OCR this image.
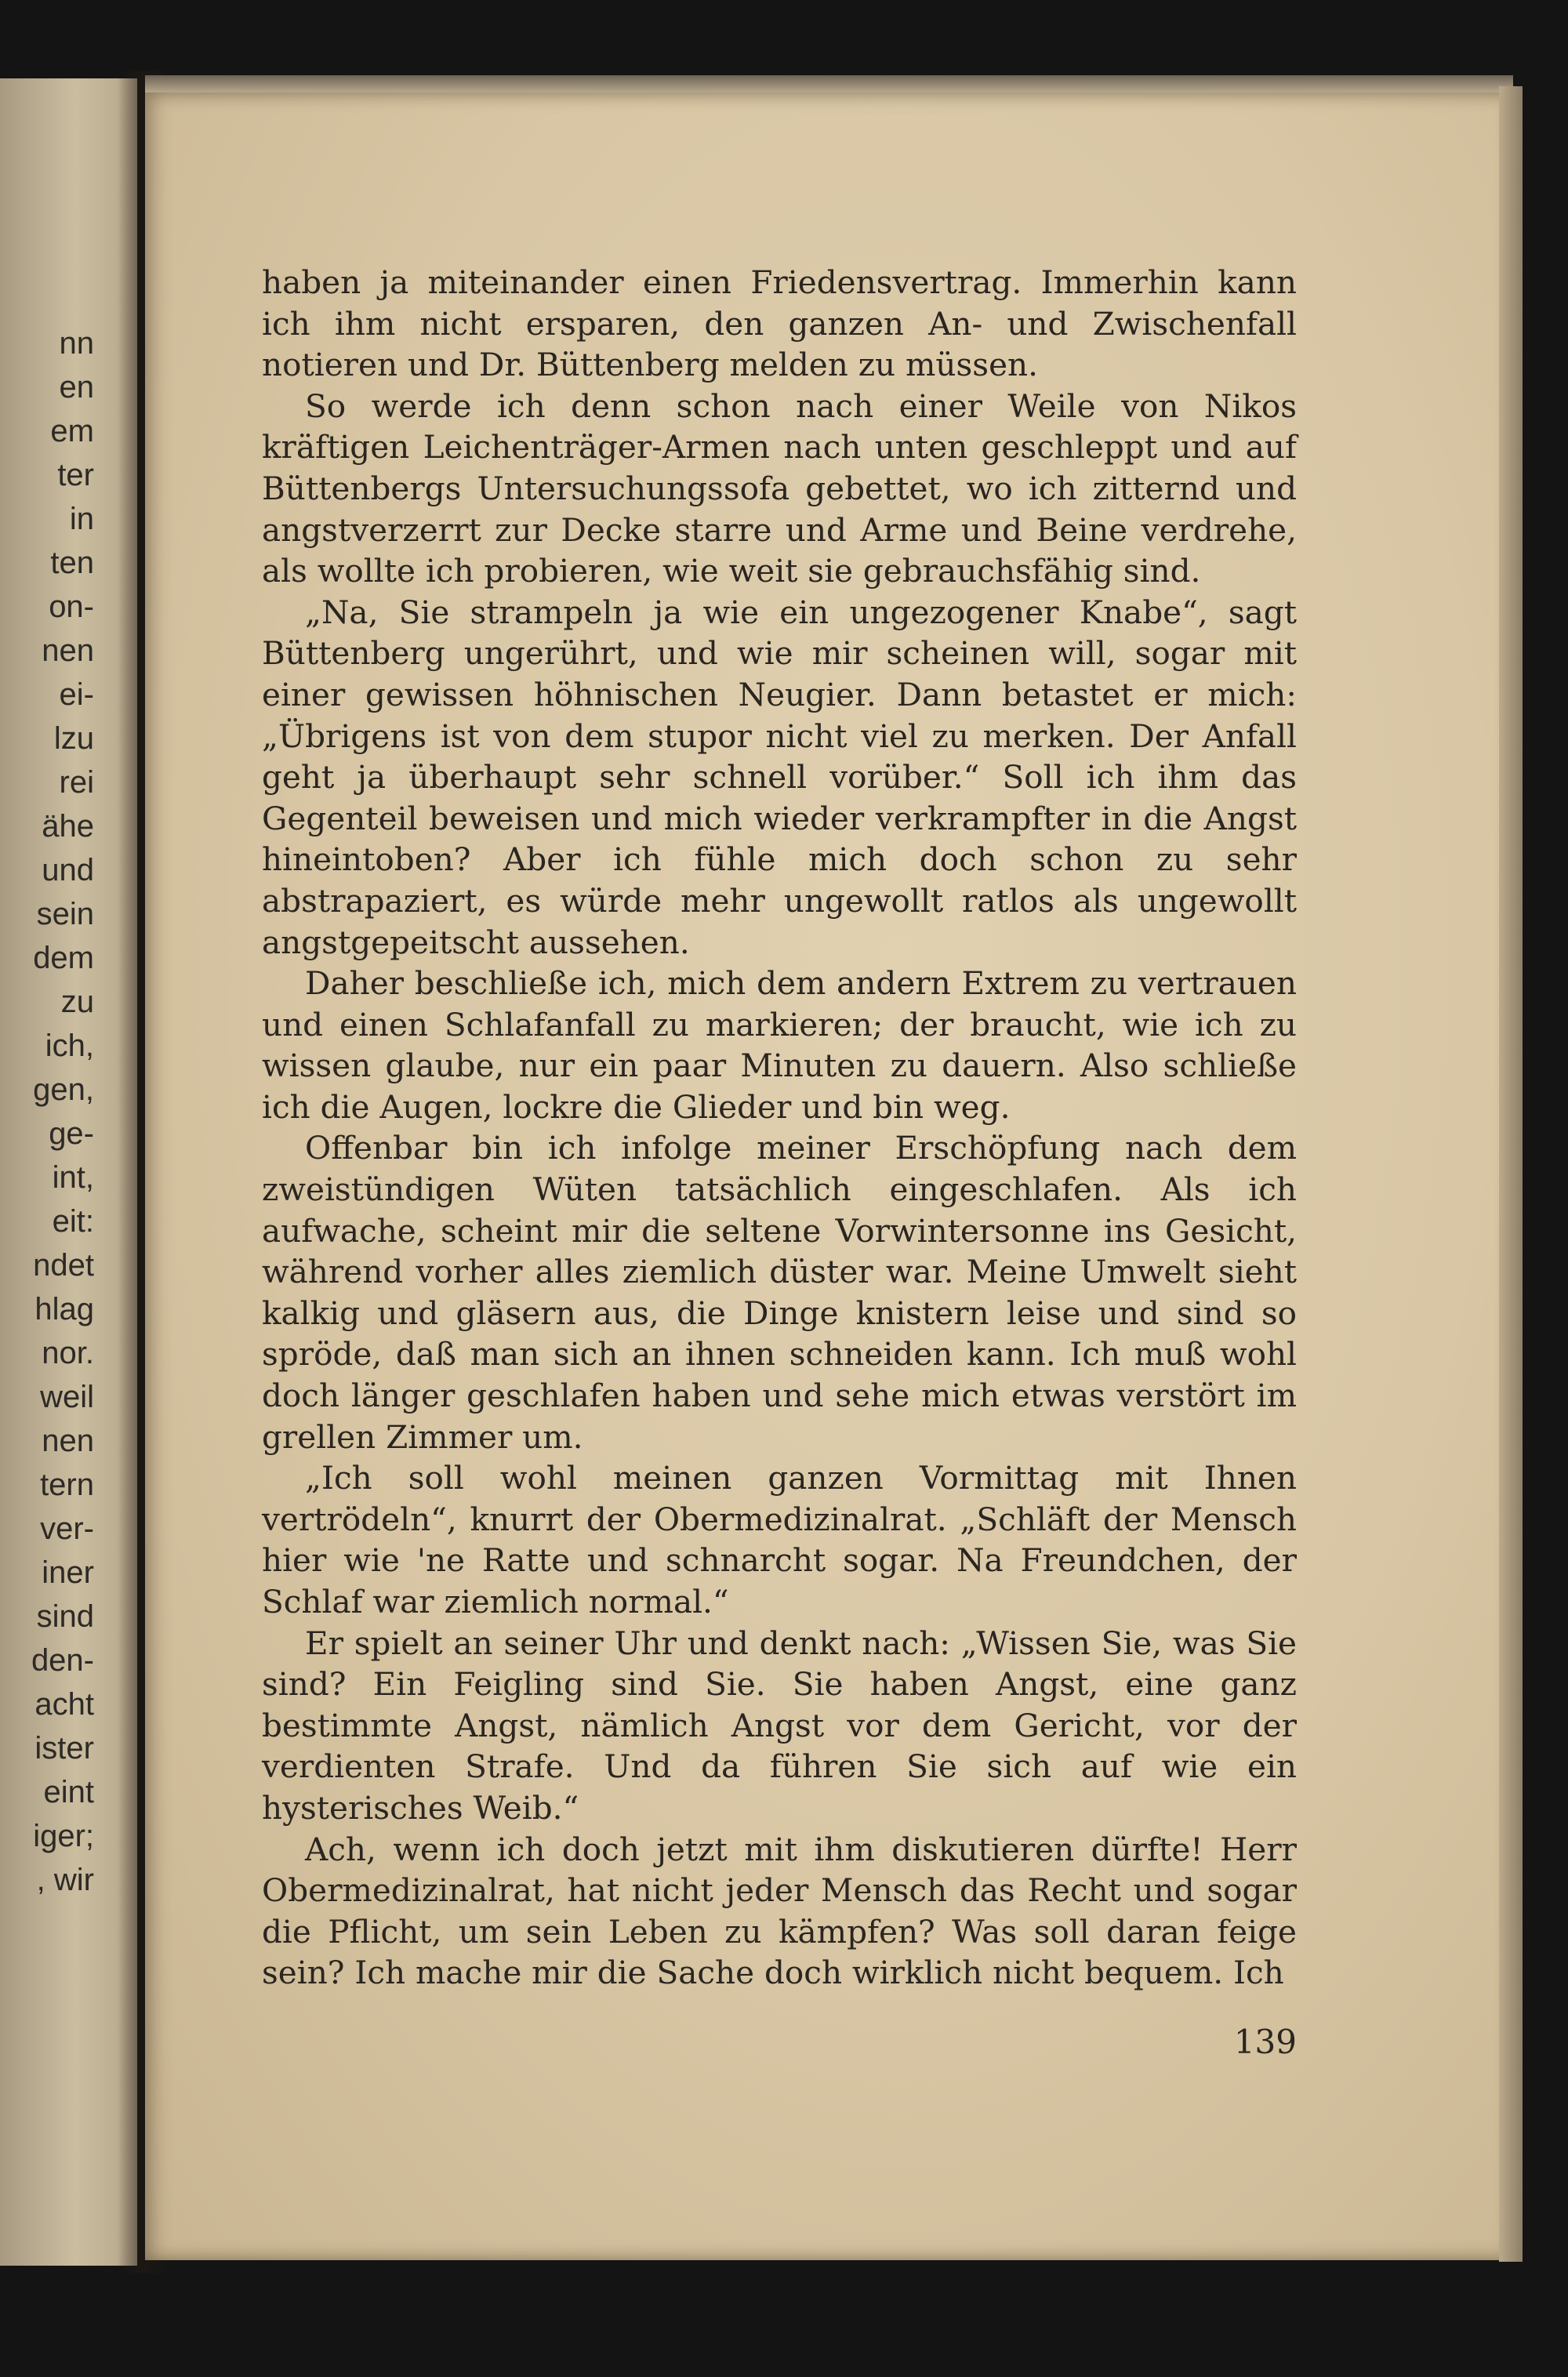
nn
en
em
ter
in
ten
on-
nen
ei-
lzu
rei
ähe
und
sein
dem
zu
ich,
gen,
ge-
int,
eit:
ndet
hlag
nor.
weil
nen
tern
ver-
iner
sind
den-
acht
ister
eint
iger;
, wir

haben ja miteinander einen Friedensvertrag. Immerhin kann ich ihm nicht ersparen, den ganzen An- und Zwischenfall notieren und Dr. Büttenberg melden zu müssen.

So werde ich denn schon nach einer Weile von Nikos kräftigen Leichenträger-Armen nach unten geschleppt und auf Büttenbergs Untersuchungssofa gebettet, wo ich zitternd und angstverzerrt zur Decke starre und Arme und Beine verdrehe, als wollte ich probieren, wie weit sie gebrauchsfähig sind.

„Na, Sie strampeln ja wie ein ungezogener Knabe“, sagt Büttenberg ungerührt, und wie mir scheinen will, sogar mit einer gewissen höhnischen Neugier. Dann betastet er mich: „Übrigens ist von dem stupor nicht viel zu merken. Der Anfall geht ja überhaupt sehr schnell vorüber.“ Soll ich ihm das Gegenteil beweisen und mich wieder verkrampfter in die Angst hineintoben? Aber ich fühle mich doch schon zu sehr abstrapaziert, es würde mehr ungewollt ratlos als ungewollt angstgepeitscht aussehen.

Daher beschließe ich, mich dem andern Extrem zu vertrauen und einen Schlafanfall zu markieren; der braucht, wie ich zu wissen glaube, nur ein paar Minuten zu dauern. Also schließe ich die Augen, lockre die Glieder und bin weg.

Offenbar bin ich infolge meiner Erschöpfung nach dem zweistündigen Wüten tatsächlich eingeschlafen. Als ich aufwache, scheint mir die seltene Vorwintersonne ins Gesicht, während vorher alles ziemlich düster war. Meine Umwelt sieht kalkig und gläsern aus, die Dinge knistern leise und sind so spröde, daß man sich an ihnen schneiden kann. Ich muß wohl doch länger geschlafen haben und sehe mich etwas verstört im grellen Zimmer um.

„Ich soll wohl meinen ganzen Vormittag mit Ihnen vertrödeln“, knurrt der Obermedizinalrat. „Schläft der Mensch hier wie 'ne Ratte und schnarcht sogar. Na Freundchen, der Schlaf war ziemlich normal.“

Er spielt an seiner Uhr und denkt nach: „Wissen Sie, was Sie sind? Ein Feigling sind Sie. Sie haben Angst, eine ganz bestimmte Angst, nämlich Angst vor dem Gericht, vor der verdienten Strafe. Und da führen Sie sich auf wie ein hysterisches Weib.“

Ach, wenn ich doch jetzt mit ihm diskutieren dürfte! Herr Obermedizinalrat, hat nicht jeder Mensch das Recht und sogar die Pflicht, um sein Leben zu kämpfen? Was soll daran feige sein? Ich mache mir die Sache doch wirklich nicht bequem. Ich

139
